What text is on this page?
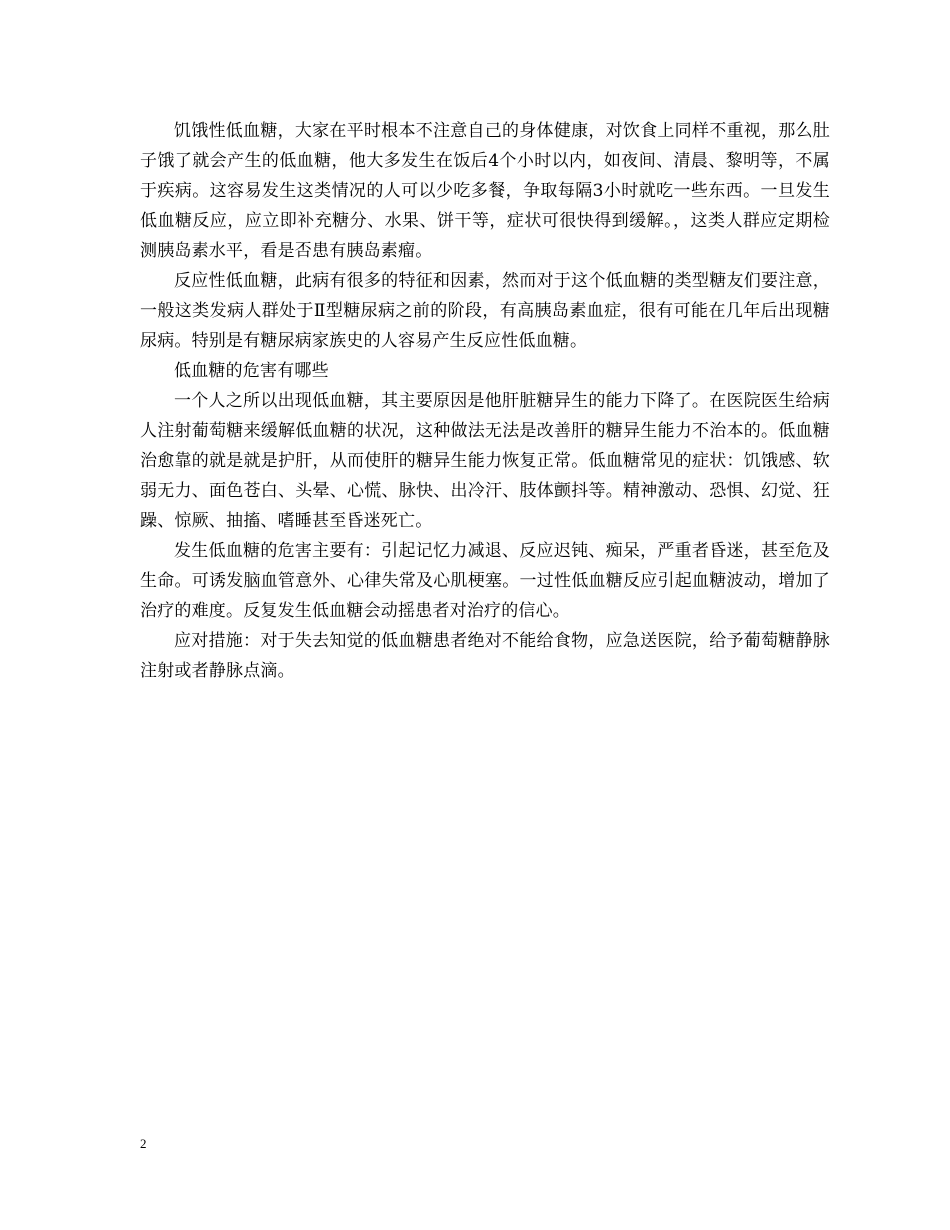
饥饿性低血糖，大家在平时根本不注意自己的身体健康，对饮食上同样不重视，那么肚子饿了就会产生的低血糖，他大多发生在饭后4个小时以内，如夜间、清晨、黎明等，不属于疾病。这容易发生这类情况的人可以少吃多餐，争取每隔3小时就吃一些东西。一旦发生低血糖反应，应立即补充糖分、水果、饼干等，症状可很快得到缓解。，这类人群应定期检测胰岛素水平，看是否患有胰岛素瘤。

反应性低血糖，此病有很多的特征和因素，然而对于这个低血糖的类型糖友们要注意，一般这类发病人群处于Ⅱ型糖尿病之前的阶段，有高胰岛素血症，很有可能在几年后出现糖尿病。特别是有糖尿病家族史的人容易产生反应性低血糖。

低血糖的危害有哪些

一个人之所以出现低血糖，其主要原因是他肝脏糖异生的能力下降了。在医院医生给病人注射葡萄糖来缓解低血糖的状况，这种做法无法是改善肝的糖异生能力不治本的。低血糖治愈靠的就是就是护肝，从而使肝的糖异生能力恢复正常。低血糖常见的症状：饥饿感、软弱无力、面色苍白、头晕、心慌、脉快、出冷汗、肢体颤抖等。精神激动、恐惧、幻觉、狂躁、惊厥、抽搐、嗜睡甚至昏迷死亡。

发生低血糖的危害主要有：引起记忆力减退、反应迟钝、痴呆，严重者昏迷，甚至危及生命。可诱发脑血管意外、心律失常及心肌梗塞。一过性低血糖反应引起血糖波动，增加了治疗的难度。反复发生低血糖会动摇患者对治疗的信心。

应对措施：对于失去知觉的低血糖患者绝对不能给食物，应急送医院，给予葡萄糖静脉注射或者静脉点滴。

2
